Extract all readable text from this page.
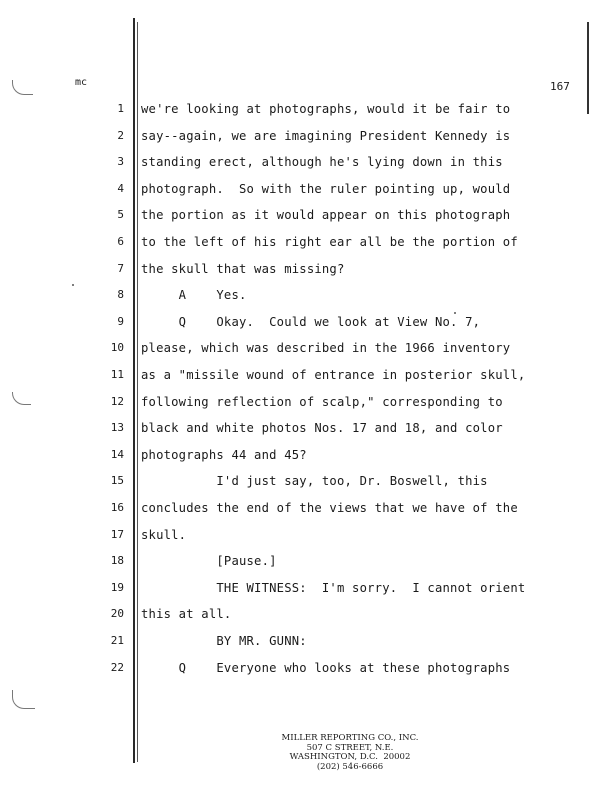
mc	167
1 we're looking at photographs, would it be fair to
2 say--again, we are imagining President Kennedy is
3 standing erect, although he's lying down in this
4 photograph.  So with the ruler pointing up, would
5 the portion as it would appear on this photograph
6 to the left of his right ear all be the portion of
7 the skull that was missing?
8 A    Yes.
9 Q    Okay.  Could we look at View No. 7,
10 please, which was described in the 1966 inventory
11 as a "missile wound of entrance in posterior skull,
12 following reflection of scalp," corresponding to
13 black and white photos Nos. 17 and 18, and color
14 photographs 44 and 45?
15 I'd just say, too, Dr. Boswell, this
16 concludes the end of the views that we have of the
17 skull.
18 [Pause.]
19 THE WITNESS:  I'm sorry.  I cannot orient
20 this at all.
21 BY MR. GUNN:
22 Q    Everyone who looks at these photographs
MILLER REPORTING CO., INC.
507 C STREET, N.E.
WASHINGTON, D.C.  20002
(202) 546-6666
